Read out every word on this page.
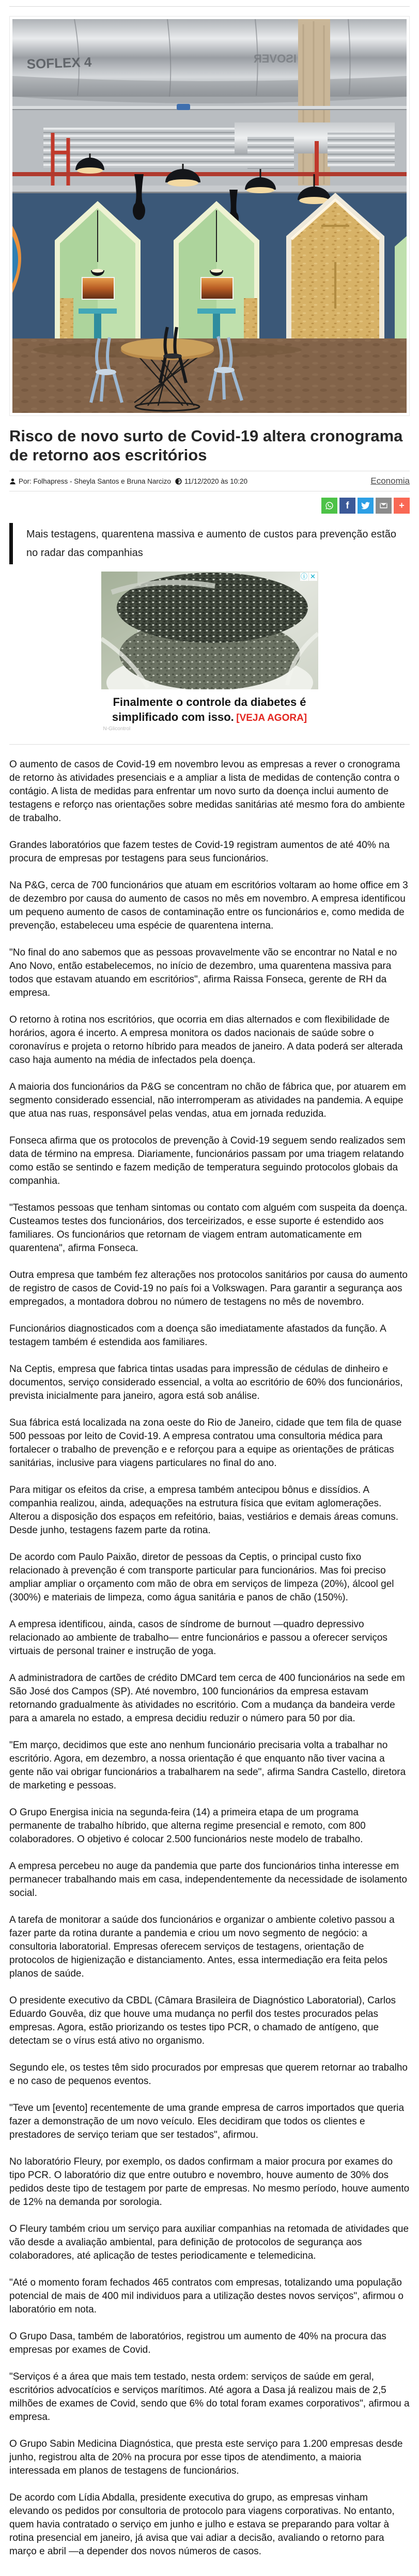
SOFLEX 4	ISOVER
Risco de novo surto de Covid-19 altera cronograma de retorno aos escritórios
Por: Folhapress - Sheyla Santos e Bruna Narcizo 11/12/2020 às 10:20	Economia
f	+
Mais testagens, quarentena massiva e aumento de custos para prevenção estão no radar das companhias
ⓘ ✕
Finalmente o controle da diabetes é simplificado com isso. [VEJA AGORA]
N-Glicontrol

O aumento de casos de Covid-19 em novembro levou as empresas a rever o cronograma de retorno às atividades presenciais e a ampliar a lista de medidas de contenção contra o contágio. A lista de medidas para enfrentar um novo surto da doença inclui aumento de testagens e reforço nas orientações sobre medidas sanitárias até mesmo fora do ambiente de trabalho.

Grandes laboratórios que fazem testes de Covid-19 registram aumentos de até 40% na procura de empresas por testagens para seus funcionários.

Na P&G, cerca de 700 funcionários que atuam em escritórios voltaram ao home office em 3 de dezembro por causa do aumento de casos no mês em novembro. A empresa identificou um pequeno aumento de casos de contaminação entre os funcionários e, como medida de prevenção, estabeleceu uma espécie de quarentena interna.

"No final do ano sabemos que as pessoas provavelmente vão se encontrar no Natal e no Ano Novo, então estabelecemos, no início de dezembro, uma quarentena massiva para todos que estavam atuando em escritórios", afirma Raissa Fonseca, gerente de RH da empresa.

O retorno à rotina nos escritórios, que ocorria em dias alternados e com flexibilidade de horários, agora é incerto. A empresa monitora os dados nacionais de saúde sobre o coronavírus e projeta o retorno híbrido para meados de janeiro. A data poderá ser alterada caso haja aumento na média de infectados pela doença.

A maioria dos funcionários da P&G se concentram no chão de fábrica que, por atuarem em segmento considerado essencial, não interromperam as atividades na pandemia. A equipe que atua nas ruas, responsável pelas vendas, atua em jornada reduzida.

Fonseca afirma que os protocolos de prevenção à Covid-19 seguem sendo realizados sem data de término na empresa. Diariamente, funcionários passam por uma triagem relatando como estão se sentindo e fazem medição de temperatura seguindo protocolos globais da companhia.

"Testamos pessoas que tenham sintomas ou contato com alguém com suspeita da doença. Custeamos testes dos funcionários, dos terceirizados, e esse suporte é estendido aos familiares. Os funcionários que retornam de viagem entram automaticamente em quarentena", afirma Fonseca.

Outra empresa que também fez alterações nos protocolos sanitários por causa do aumento de registro de casos de Covid-19 no país foi a Volkswagen. Para garantir a segurança aos empregados, a montadora dobrou no número de testagens no mês de novembro.

Funcionários diagnosticados com a doença são imediatamente afastados da função. A testagem também é estendida aos familiares.

Na Ceptis, empresa que fabrica tintas usadas para impressão de cédulas de dinheiro e documentos, serviço considerado essencial, a volta ao escritório de 60% dos funcionários, prevista inicialmente para janeiro, agora está sob análise.

Sua fábrica está localizada na zona oeste do Rio de Janeiro, cidade que tem fila de quase 500 pessoas por leito de Covid-19. A empresa contratou uma consultoria médica para fortalecer o trabalho de prevenção e e reforçou para a equipe as orientações de práticas sanitárias, inclusive para viagens particulares no final do ano.

Para mitigar os efeitos da crise, a empresa também antecipou bônus e dissídios. A companhia realizou, ainda, adequações na estrutura física que evitam aglomerações. Alterou a disposição dos espaços em refeitório, baias, vestiários e demais áreas comuns. Desde junho, testagens fazem parte da rotina.

De acordo com Paulo Paixão, diretor de pessoas da Ceptis, o principal custo fixo relacionado à prevenção é com transporte particular para funcionários. Mas foi preciso ampliar ampliar o orçamento com mão de obra em serviços de limpeza (20%), álcool gel (300%) e materiais de limpeza, como água sanitária e panos de chão (150%).

A empresa identificou, ainda, casos de síndrome de burnout —quadro depressivo relacionado ao ambiente de trabalho— entre funcionários e passou a oferecer serviços virtuais de personal trainer e instrução de yoga.

A administradora de cartões de crédito DMCard tem cerca de 400 funcionários na sede em São José dos Campos (SP). Até novembro, 100 funcionários da empresa estavam retornando gradualmente às atividades no escritório. Com a mudança da bandeira verde para a amarela no estado, a empresa decidiu reduzir o número para 50 por dia.

"Em março, decidimos que este ano nenhum funcionário precisaria volta a trabalhar no escritório. Agora, em dezembro, a nossa orientação é que enquanto não tiver vacina a gente não vai obrigar funcionários a trabalharem na sede", afirma Sandra Castello, diretora de marketing e pessoas.

O Grupo Energisa inicia na segunda-feira (14) a primeira etapa de um programa permanente de trabalho híbrido, que alterna regime presencial e remoto, com 800 colaboradores. O objetivo é colocar 2.500 funcionários neste modelo de trabalho.

A empresa percebeu no auge da pandemia que parte dos funcionários tinha interesse em permanecer trabalhando mais em casa, independentemente da necessidade de isolamento social.

A tarefa de monitorar a saúde dos funcionários e organizar o ambiente coletivo passou a fazer parte da rotina durante a pandemia e criou um novo segmento de negócio: a consultoria laboratorial. Empresas oferecem serviços de testagens, orientação de protocolos de higienização e distanciamento. Antes, essa intermediação era feita pelos planos de saúde.

O presidente executivo da CBDL (Câmara Brasileira de Diagnóstico Laboratorial), Carlos Eduardo Gouvêa, diz que houve uma mudança no perfil dos testes procurados pelas empresas. Agora, estão priorizando os testes tipo PCR, o chamado de antígeno, que detectam se o vírus está ativo no organismo.

Segundo ele, os testes têm sido procurados por empresas que querem retornar ao trabalho e no caso de pequenos eventos.

"Teve um [evento] recentemente de uma grande empresa de carros importados que queria fazer a demonstração de um novo veículo. Eles decidiram que todos os clientes e prestadores de serviço teriam que ser testados", afirmou.

No laboratório Fleury, por exemplo, os dados confirmam a maior procura por exames do tipo PCR. O laboratório diz que entre outubro e novembro, houve aumento de 30% dos pedidos deste tipo de testagem por parte de empresas. No mesmo período, houve aumento de 12% na demanda por sorologia.

O Fleury também criou um serviço para auxiliar companhias na retomada de atividades que vão desde a avaliação ambiental, para definição de protocolos de segurança aos colaboradores, até aplicação de testes periodicamente e telemedicina.

"Até o momento foram fechados 465 contratos com empresas, totalizando uma população potencial de mais de 400 mil individuos para a utilização destes novos serviços", afirmou o laboratório em nota.

O Grupo Dasa, também de laboratórios, registrou um aumento de 40% na procura das empresas por exames de Covid.

"Serviços é a área que mais tem testado, nesta ordem: serviços de saúde em geral, escritórios advocatícios e serviços marítimos. Até agora a Dasa já realizou mais de 2,5 milhões de exames de Covid, sendo que 6% do total foram exames corporativos", afirmou a empresa.

O Grupo Sabin Medicina Diagnóstica, que presta este serviço para 1.200 empresas desde junho, registrou alta de 20% na procura por esse tipos de atendimento, a maioria interessada em planos de testagens de funcionários.

De acordo com Lídia Abdalla, presidente executiva do grupo, as empresas vinham elevando os pedidos por consultoria de protocolo para viagens corporativas. No entanto, quem havia contratado o serviço em junho e julho e estava se preparando para voltar à rotina presencial em janeiro, já avisa que vai adiar a decisão, avaliando o retorno para março e abril —a depender dos novos números de casos.
